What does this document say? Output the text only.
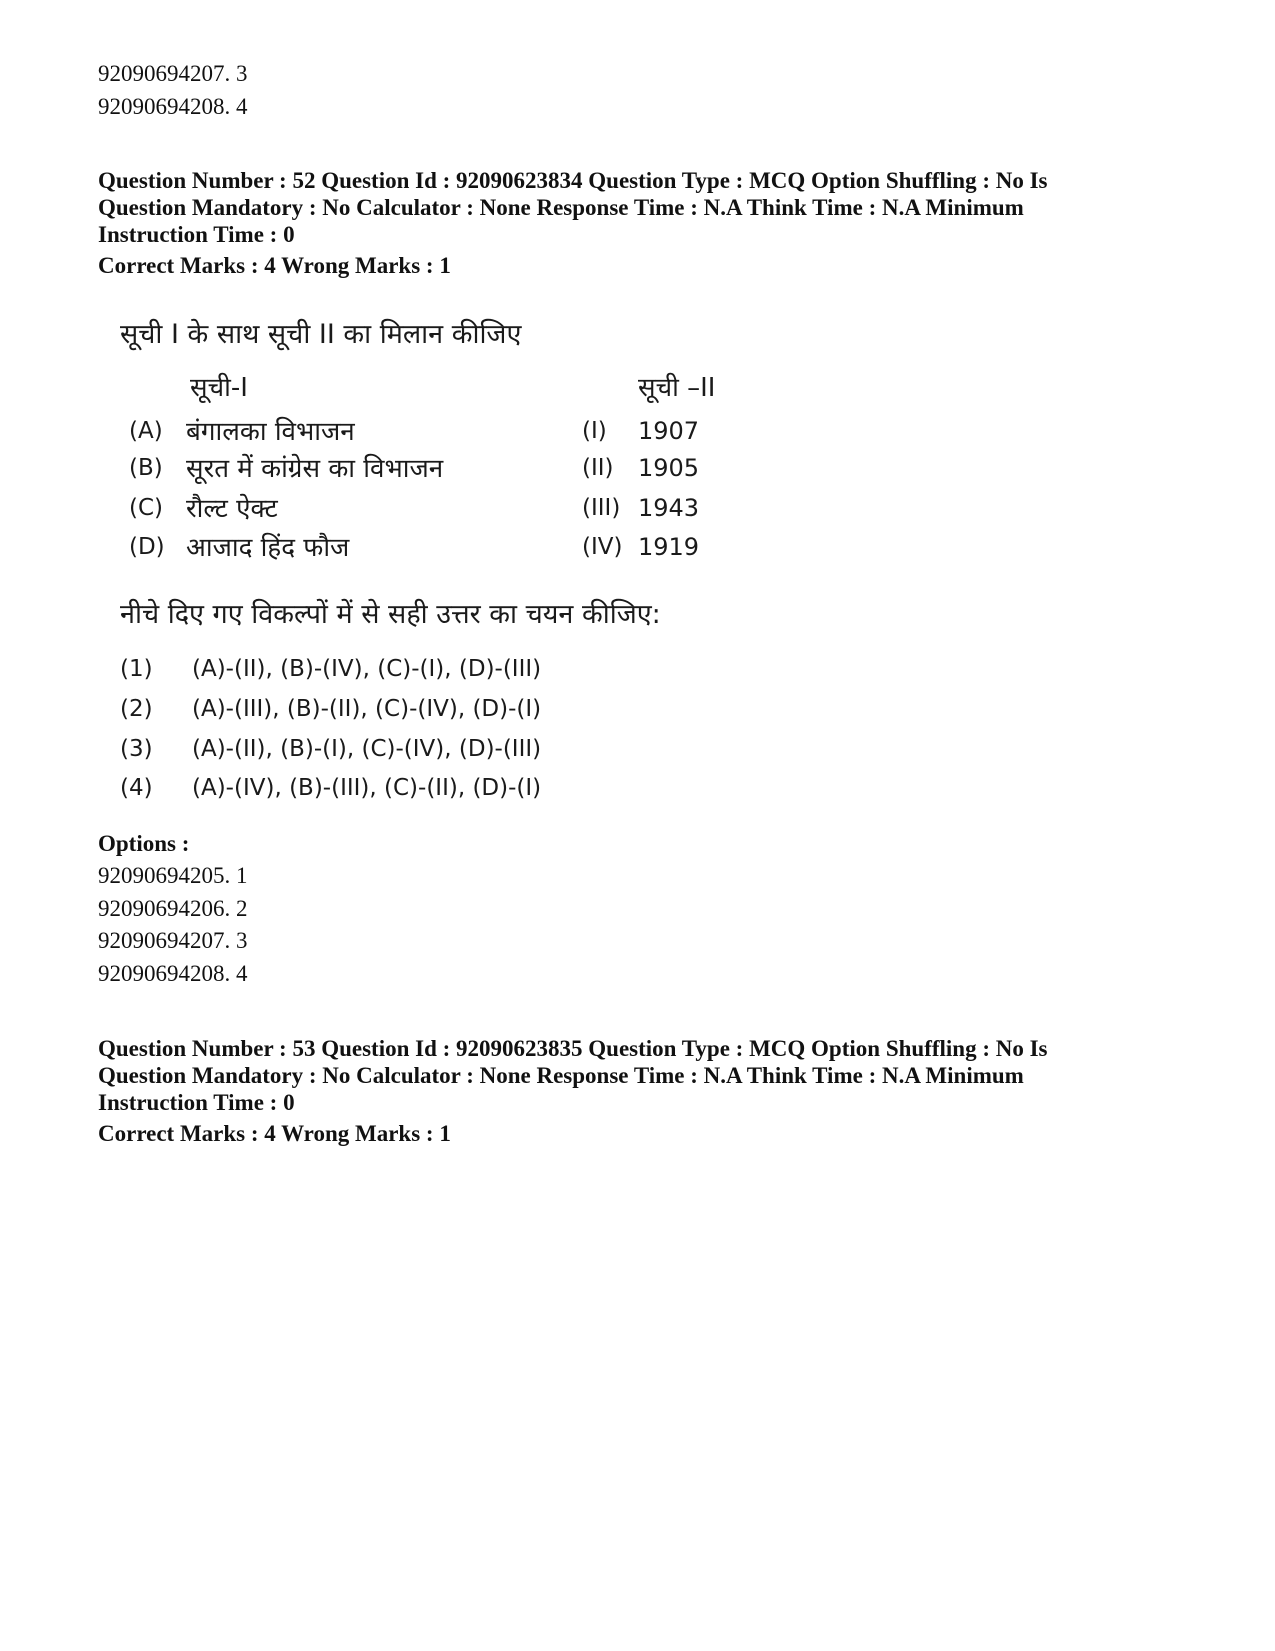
92090694207. 3
92090694208. 4
Question Number : 52 Question Id : 92090623834 Question Type : MCQ Option Shuffling : No Is
Question Mandatory : No Calculator : None Response Time : N.A Think Time : N.A Minimum
Instruction Time : 0
Correct Marks : 4 Wrong Marks : 1
सूची I के साथ सूची II का मिलान कीजिए
सूची-I	सूची –II
(A) बंगालका विभाजन	(I) 1907
(B) सूरत में कांग्रेस का विभाजन	(II) 1905
(C) रौल्ट ऐक्ट	(III) 1943
(D) आजाद हिंद फौज	(IV) 1919
नीचे दिए गए विकल्पों में से सही उत्तर का चयन कीजिए:
(1) (A)-(II), (B)-(IV), (C)-(I), (D)-(III)
(2) (A)-(III), (B)-(II), (C)-(IV), (D)-(I)
(3) (A)-(II), (B)-(I), (C)-(IV), (D)-(III)
(4) (A)-(IV), (B)-(III), (C)-(II), (D)-(I)
Options :
92090694205. 1
92090694206. 2
92090694207. 3
92090694208. 4
Question Number : 53 Question Id : 92090623835 Question Type : MCQ Option Shuffling : No Is
Question Mandatory : No Calculator : None Response Time : N.A Think Time : N.A Minimum
Instruction Time : 0
Correct Marks : 4 Wrong Marks : 1
